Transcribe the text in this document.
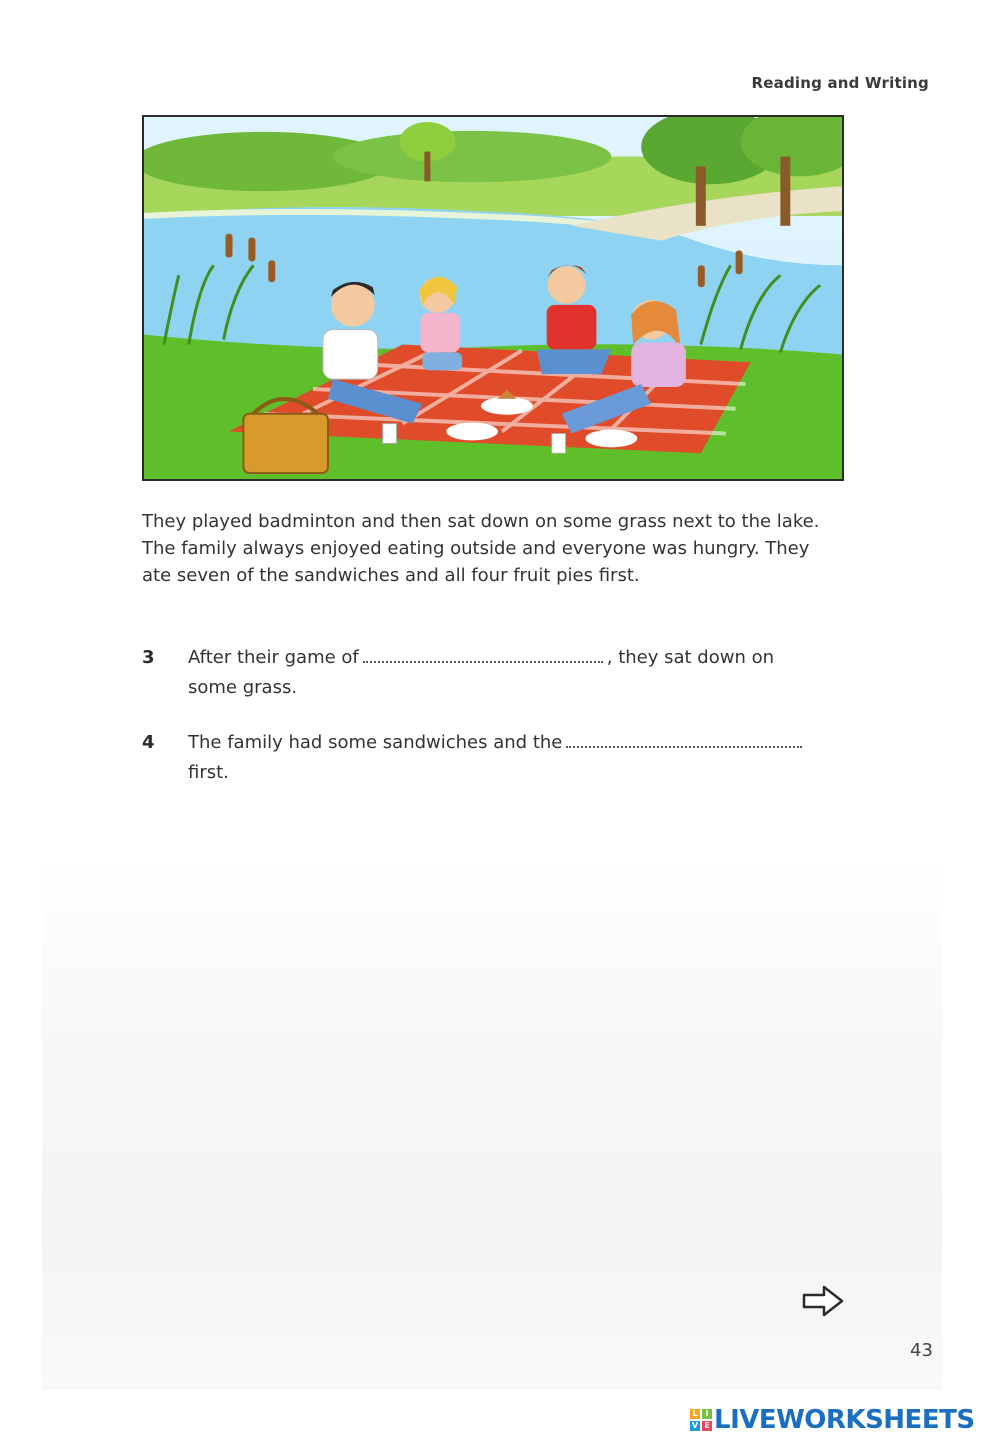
Reading and Writing
They played badminton and then sat down on some grass next to the lake.
The family always enjoyed eating outside and everyone was hungry. They
ate seven of the sandwiches and all four fruit pies first.
3 After their game of	, they sat down on
some grass.
4 The family had some sandwiches and the
first.
43
L I
V E LIVEWORKSHEETS
